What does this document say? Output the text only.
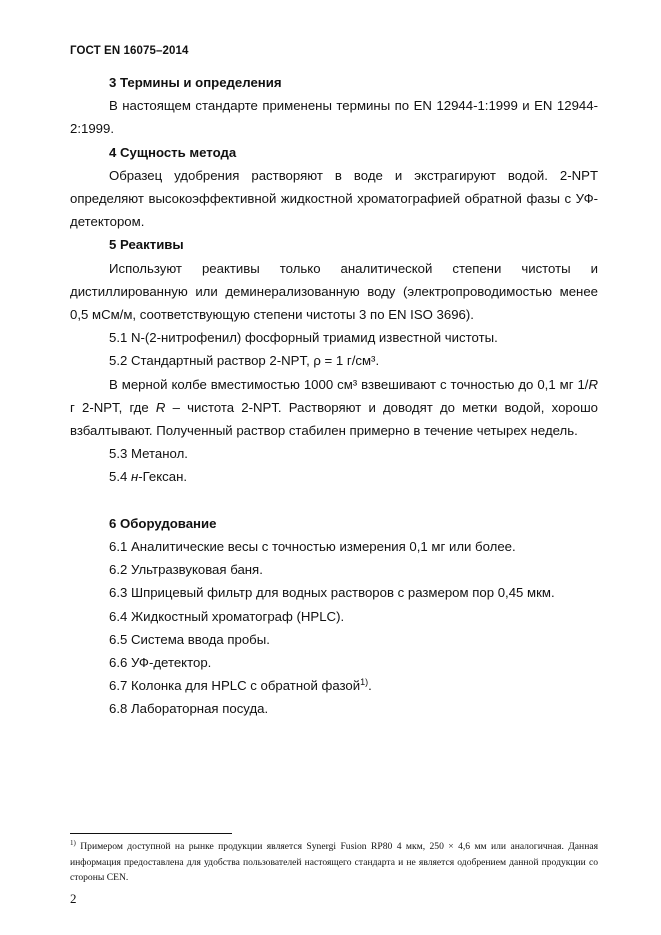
ГОСТ EN 16075–2014

3 Термины и определения

В настоящем стандарте применены термины по EN 12944-1:1999 и EN 12944-2:1999.

4 Сущность метода

Образец удобрения растворяют в воде и экстрагируют водой. 2-NPT определяют высокоэффективной жидкостной хроматографией обратной фазы с УФ-детектором.

5 Реактивы

Используют реактивы только аналитической степени чистоты и дистиллированную или деминерализованную воду (электропроводимостью менее 0,5 мСм/м, соответствующую степени чистоты 3 по EN ISO 3696).

5.1 N-(2-нитрофенил) фосфорный триамид известной чистоты.

5.2 Стандартный раствор 2-NPT, ρ = 1 г/см³.

В мерной колбе вместимостью 1000 см³ взвешивают с точностью до 0,1 мг 1/R г 2-NPT, где R – чистота 2-NPT. Растворяют и доводят до метки водой, хорошо взбалтывают. Полученный раствор стабилен примерно в течение четырех недель.

5.3 Метанол.

5.4 н-Гексан.

6 Оборудование

6.1 Аналитические весы с точностью измерения 0,1 мг или более.

6.2 Ультразвуковая баня.

6.3 Шприцевый фильтр для водных растворов с размером пор 0,45 мкм.

6.4 Жидкостный хроматограф (HPLC).

6.5 Система ввода пробы.

6.6 УФ-детектор.

6.7 Колонка для HPLC с обратной фазой$^{1)}$.

6.8 Лабораторная посуда.

$^{1)}$ Примером доступной на рынке продукции является Synergi Fusion RP80 4 мкм, 250 × 4,6 мм или аналогичная. Данная информация предоставлена для удобства пользователей настоящего стандарта и не является одобрением данной продукции со стороны CEN.
2
